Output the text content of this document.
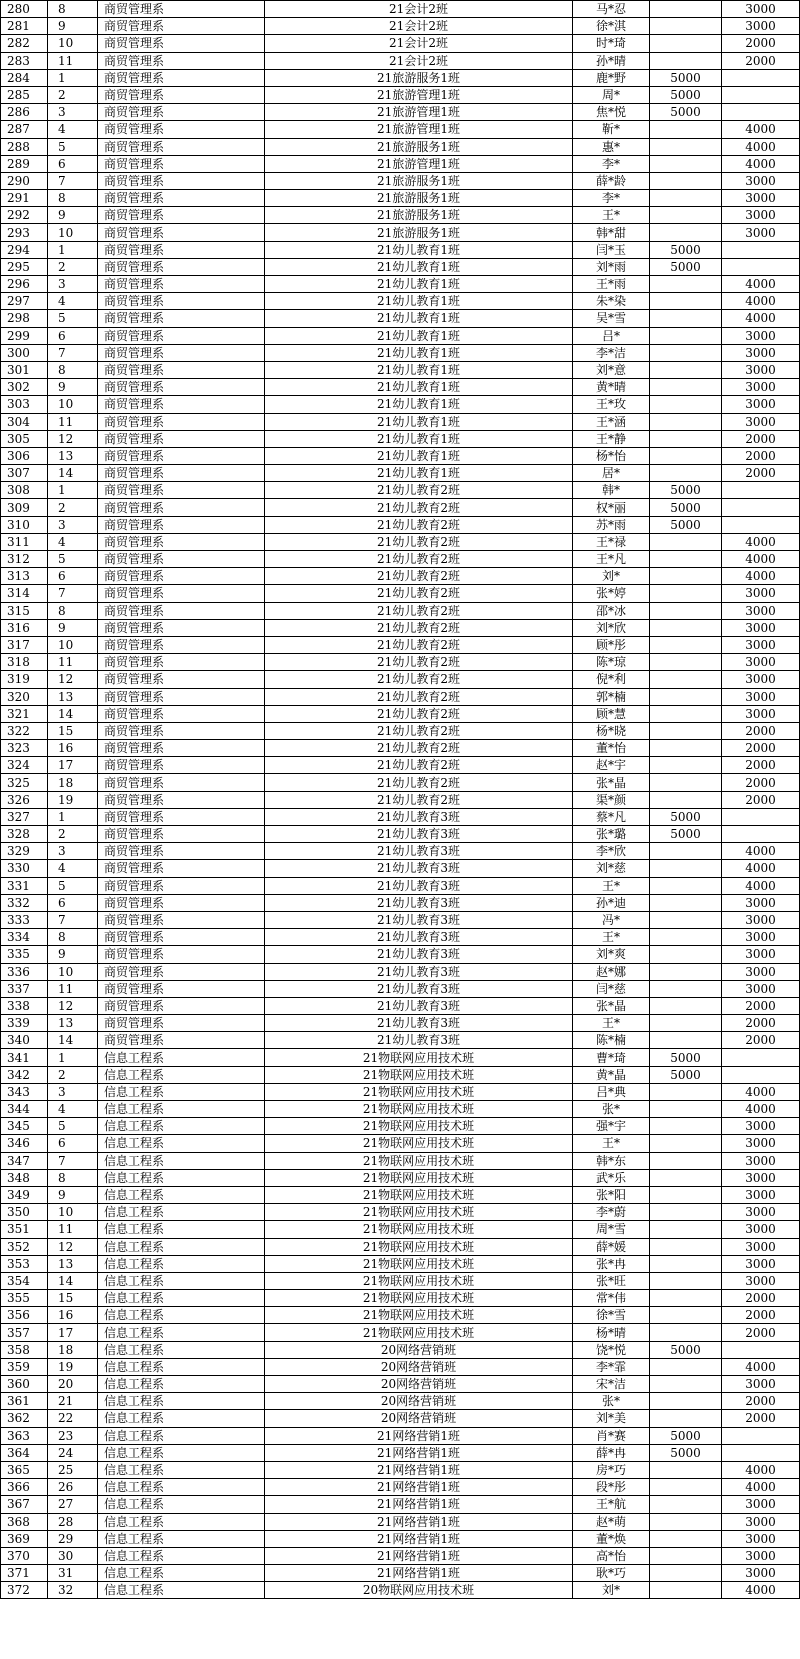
280	8	商贸管理系	21会计2班	马*忍		3000
281	9	商贸管理系	21会计2班	徐*淇		3000
282	10	商贸管理系	21会计2班	时*琦		2000
283	11	商贸管理系	21会计2班	孙*晴		2000
284	1	商贸管理系	21旅游服务1班	鹿*野	5000	
285	2	商贸管理系	21旅游管理1班	周*	5000	
286	3	商贸管理系	21旅游管理1班	焦*悦	5000	
287	4	商贸管理系	21旅游管理1班	靳*		4000
288	5	商贸管理系	21旅游服务1班	惠*		4000
289	6	商贸管理系	21旅游管理1班	李*		4000
290	7	商贸管理系	21旅游服务1班	薛*龄		3000
291	8	商贸管理系	21旅游服务1班	李*		3000
292	9	商贸管理系	21旅游服务1班	王*		3000
293	10	商贸管理系	21旅游服务1班	韩*甜		3000
294	1	商贸管理系	21幼儿教育1班	闫*玉	5000	
295	2	商贸管理系	21幼儿教育1班	刘*雨	5000	
296	3	商贸管理系	21幼儿教育1班	王*雨		4000
297	4	商贸管理系	21幼儿教育1班	朱*染		4000
298	5	商贸管理系	21幼儿教育1班	吴*雪		4000
299	6	商贸管理系	21幼儿教育1班	吕*		3000
300	7	商贸管理系	21幼儿教育1班	李*洁		3000
301	8	商贸管理系	21幼儿教育1班	刘*意		3000
302	9	商贸管理系	21幼儿教育1班	黄*晴		3000
303	10	商贸管理系	21幼儿教育1班	王*玫		3000
304	11	商贸管理系	21幼儿教育1班	王*涵		3000
305	12	商贸管理系	21幼儿教育1班	王*静		2000
306	13	商贸管理系	21幼儿教育1班	杨*怡		2000
307	14	商贸管理系	21幼儿教育1班	居*		2000
308	1	商贸管理系	21幼儿教育2班	韩*	5000	
309	2	商贸管理系	21幼儿教育2班	权*丽	5000	
310	3	商贸管理系	21幼儿教育2班	苏*雨	5000	
311	4	商贸管理系	21幼儿教育2班	王*禄		4000
312	5	商贸管理系	21幼儿教育2班	王*凡		4000
313	6	商贸管理系	21幼儿教育2班	刘*		4000
314	7	商贸管理系	21幼儿教育2班	张*婷		3000
315	8	商贸管理系	21幼儿教育2班	邵*冰		3000
316	9	商贸管理系	21幼儿教育2班	刘*欣		3000
317	10	商贸管理系	21幼儿教育2班	顾*彤		3000
318	11	商贸管理系	21幼儿教育2班	陈*琼		3000
319	12	商贸管理系	21幼儿教育2班	倪*利		3000
320	13	商贸管理系	21幼儿教育2班	郭*楠		3000
321	14	商贸管理系	21幼儿教育2班	顾*慧		3000
322	15	商贸管理系	21幼儿教育2班	杨*晓		2000
323	16	商贸管理系	21幼儿教育2班	董*怡		2000
324	17	商贸管理系	21幼儿教育2班	赵*宇		2000
325	18	商贸管理系	21幼儿教育2班	张*晶		2000
326	19	商贸管理系	21幼儿教育2班	渠*颜		2000
327	1	商贸管理系	21幼儿教育3班	蔡*凡	5000	
328	2	商贸管理系	21幼儿教育3班	张*璐	5000	
329	3	商贸管理系	21幼儿教育3班	李*欣		4000
330	4	商贸管理系	21幼儿教育3班	刘*慈		4000
331	5	商贸管理系	21幼儿教育3班	王*		4000
332	6	商贸管理系	21幼儿教育3班	孙*迪		3000
333	7	商贸管理系	21幼儿教育3班	冯*		3000
334	8	商贸管理系	21幼儿教育3班	王*		3000
335	9	商贸管理系	21幼儿教育3班	刘*爽		3000
336	10	商贸管理系	21幼儿教育3班	赵*娜		3000
337	11	商贸管理系	21幼儿教育3班	闫*慈		3000
338	12	商贸管理系	21幼儿教育3班	张*晶		2000
339	13	商贸管理系	21幼儿教育3班	王*		2000
340	14	商贸管理系	21幼儿教育3班	陈*楠		2000
341	1	信息工程系	21物联网应用技术班	曹*琦	5000	
342	2	信息工程系	21物联网应用技术班	黄*晶	5000	
343	3	信息工程系	21物联网应用技术班	吕*典		4000
344	4	信息工程系	21物联网应用技术班	张*		4000
345	5	信息工程系	21物联网应用技术班	强*宇		3000
346	6	信息工程系	21物联网应用技术班	王*		3000
347	7	信息工程系	21物联网应用技术班	韩*东		3000
348	8	信息工程系	21物联网应用技术班	武*乐		3000
349	9	信息工程系	21物联网应用技术班	张*阳		3000
350	10	信息工程系	21物联网应用技术班	李*蔚		3000
351	11	信息工程系	21物联网应用技术班	周*雪		3000
352	12	信息工程系	21物联网应用技术班	薛*媛		3000
353	13	信息工程系	21物联网应用技术班	张*冉		3000
354	14	信息工程系	21物联网应用技术班	张*旺		3000
355	15	信息工程系	21物联网应用技术班	常*伟		2000
356	16	信息工程系	21物联网应用技术班	徐*雪		2000
357	17	信息工程系	21物联网应用技术班	杨*晴		2000
358	18	信息工程系	20网络营销班	饶*悦	5000	
359	19	信息工程系	20网络营销班	李*霏		4000
360	20	信息工程系	20网络营销班	宋*洁		3000
361	21	信息工程系	20网络营销班	张*		2000
362	22	信息工程系	20网络营销班	刘*美		2000
363	23	信息工程系	21网络营销1班	肖*赛	5000	
364	24	信息工程系	21网络营销1班	薛*冉	5000	
365	25	信息工程系	21网络营销1班	房*巧		4000
366	26	信息工程系	21网络营销1班	段*彤		4000
367	27	信息工程系	21网络营销1班	王*航		3000
368	28	信息工程系	21网络营销1班	赵*萌		3000
369	29	信息工程系	21网络营销1班	董*焕		3000
370	30	信息工程系	21网络营销1班	高*怡		3000
371	31	信息工程系	21网络营销1班	耿*巧		3000
372	32	信息工程系	20物联网应用技术班	刘*		4000
